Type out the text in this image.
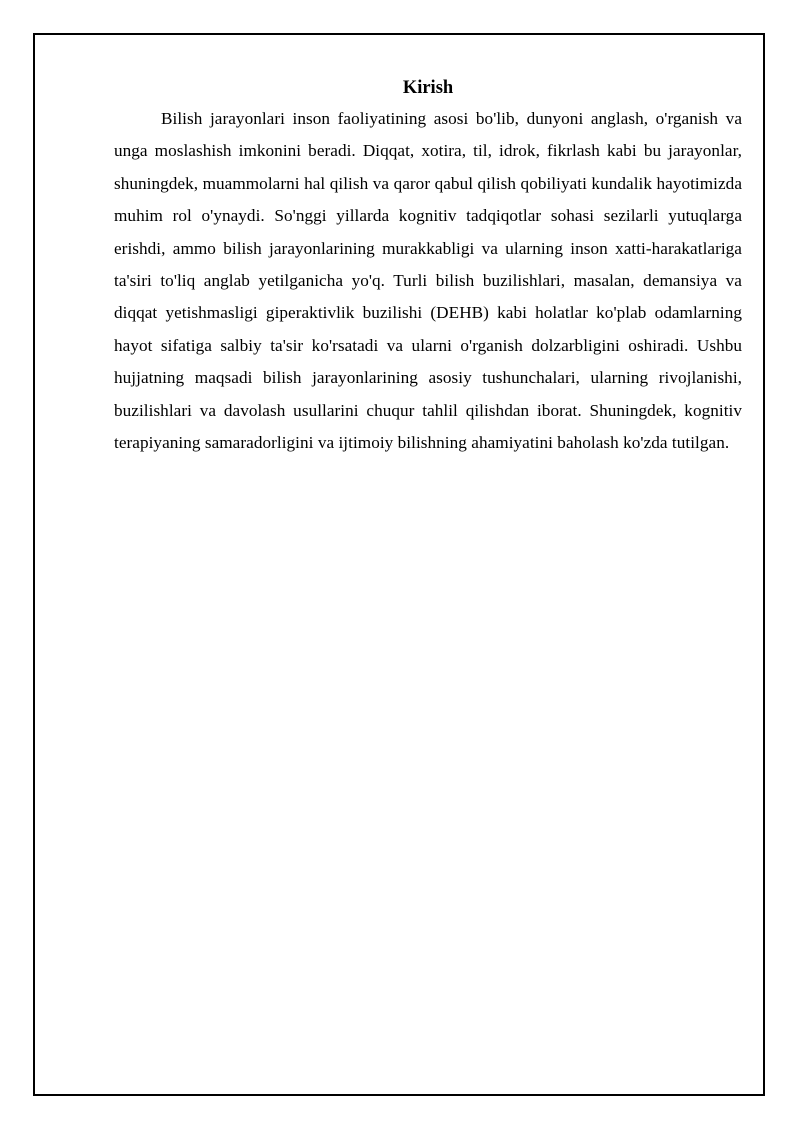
Kirish

Bilish jarayonlari inson faoliyatining asosi bo'lib, dunyoni anglash, o'rganish va unga moslashish imkonini beradi. Diqqat, xotira, til, idrok, fikrlash kabi bu jarayonlar, shuningdek, muammolarni hal qilish va qaror qabul qilish qobiliyati kundalik hayotimizda muhim rol o'ynaydi. So'nggi yillarda kognitiv tadqiqotlar sohasi sezilarli yutuqlarga erishdi, ammo bilish jarayonlarining murakkabligi va ularning inson xatti-harakatlariga ta'siri to'liq anglab yetilganicha yo'q. Turli bilish buzilishlari, masalan, demansiya va diqqat yetishmasligi giperaktivlik buzilishi (DEHB) kabi holatlar ko'plab odamlarning hayot sifatiga salbiy ta'sir ko'rsatadi va ularni o'rganish dolzarbligini oshiradi. Ushbu hujjatning maqsadi bilish jarayonlarining asosiy tushunchalari, ularning rivojlanishi, buzilishlari va davolash usullarini chuqur tahlil qilishdan iborat. Shuningdek, kognitiv terapiyaning samaradorligini va ijtimoiy bilishning ahamiyatini baholash ko'zda tutilgan.
